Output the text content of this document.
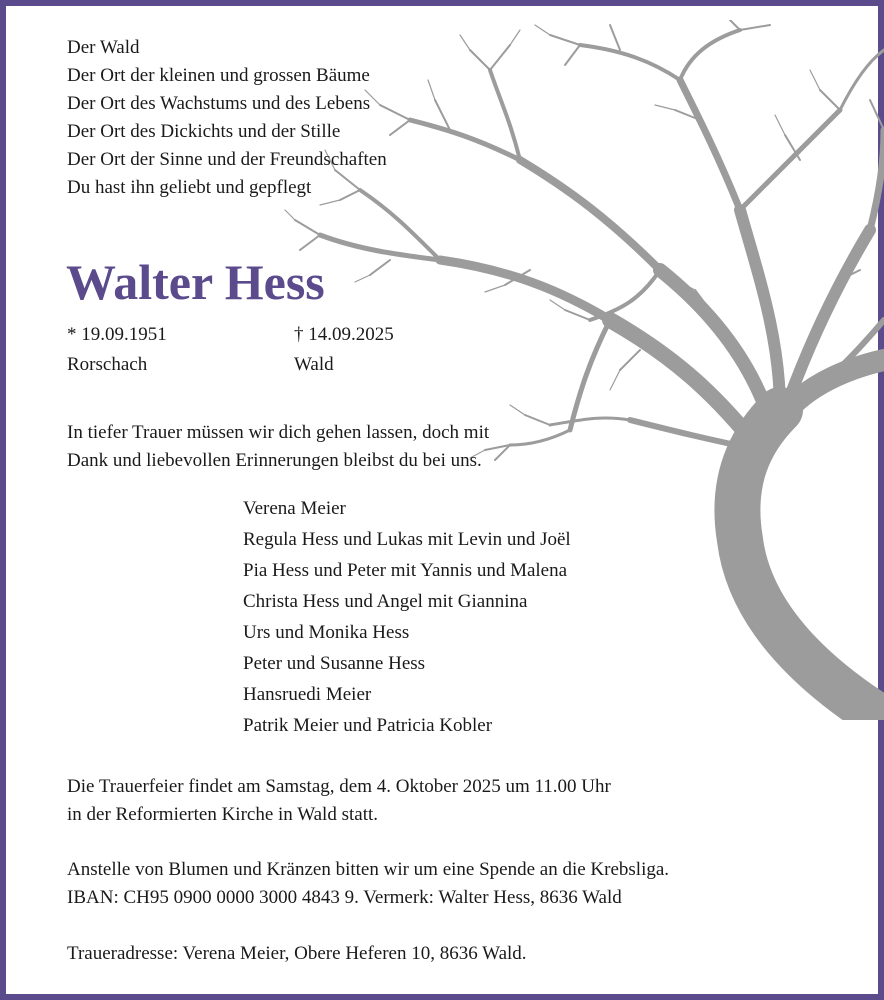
Der Wald
Der Ort der kleinen und grossen Bäume
Der Ort des Wachstums und des Lebens
Der Ort des Dickichts und der Stille
Der Ort der Sinne und der Freundschaften
Du hast ihn geliebt und gepflegt
Walter Hess
* 19.09.1951	† 14.09.2025
Rorschach	Wald
In tiefer Trauer müssen wir dich gehen lassen, doch mit
Dank und liebevollen Erinnerungen bleibst du bei uns.
Verena Meier
Regula Hess und Lukas mit Levin und Joël
Pia Hess und Peter mit Yannis und Malena
Christa Hess und Angel mit Giannina
Urs und Monika Hess
Peter und Susanne Hess
Hansruedi Meier
Patrik Meier und Patricia Kobler
Die Trauerfeier findet am Samstag, dem 4. Oktober 2025 um 11.00 Uhr
in der Reformierten Kirche in Wald statt.
Anstelle von Blumen und Kränzen bitten wir um eine Spende an die Krebsliga.
IBAN: CH95 0900 0000 3000 4843 9. Vermerk: Walter Hess, 8636 Wald
Traueradresse: Verena Meier, Obere Heferen 10, 8636 Wald.
